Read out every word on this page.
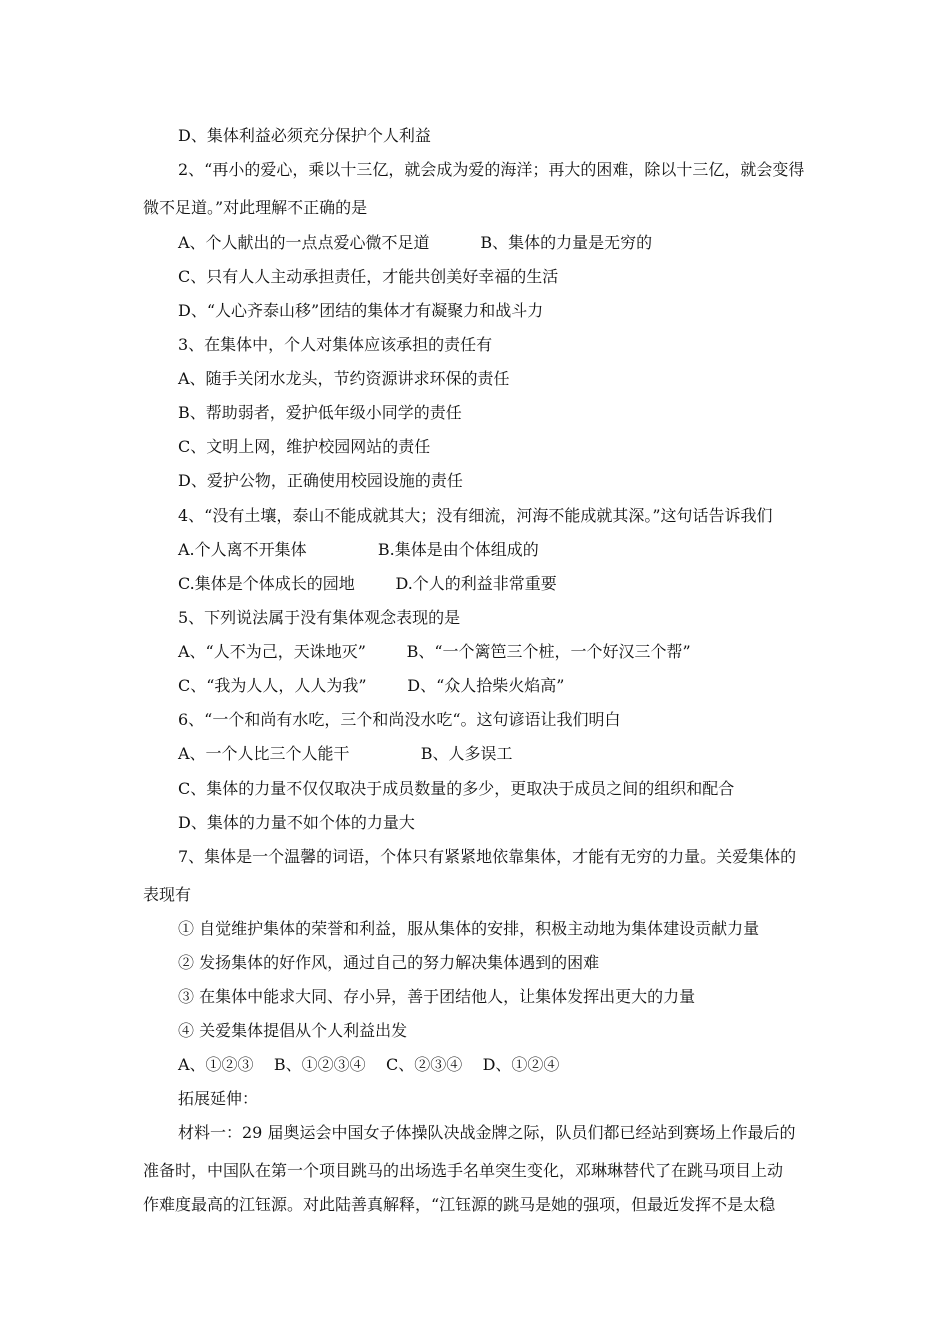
D、集体利益必须充分保护个人利益

2、“再小的爱心，乘以十三亿，就会成为爱的海洋；再大的困难，除以十三亿，就会变得

微不足道。”对此理解不正确的是

A、个人献出的一点点爱心微不足道          B、集体的力量是无穷的

C、只有人人主动承担责任，才能共创美好幸福的生活

D、“人心齐泰山移”团结的集体才有凝聚力和战斗力

3、在集体中，个人对集体应该承担的责任有

A、随手关闭水龙头，节约资源讲求环保的责任

B、帮助弱者，爱护低年级小同学的责任

C、文明上网，维护校园网站的责任

D、爱护公物，正确使用校园设施的责任

4、“没有土壤，泰山不能成就其大；没有细流，河海不能成就其深。”这句话告诉我们

A.个人离不开集体              B.集体是由个体组成的

C.集体是个体成长的园地        D.个人的利益非常重要

5、下列说法属于没有集体观念表现的是

A、“人不为己，天诛地灭”        B、“一个篱笆三个桩，一个好汉三个帮”

C、“我为人人，人人为我”        D、“众人拾柴火焰高”

6、“一个和尚有水吃，三个和尚没水吃“。这句谚语让我们明白

A、一个人比三个人能干              B、人多误工

C、集体的力量不仅仅取决于成员数量的多少，更取决于成员之间的组织和配合

D、集体的力量不如个体的力量大

7、集体是一个温馨的词语，个体只有紧紧地依靠集体，才能有无穷的力量。关爱集体的

表现有

① 自觉维护集体的荣誉和利益，服从集体的安排，积极主动地为集体建设贡献力量

② 发扬集体的好作风，通过自己的努力解决集体遇到的困难

③ 在集体中能求大同、存小异，善于团结他人，让集体发挥出更大的力量

④ 关爱集体提倡从个人利益出发

A、①②③    B、①②③④    C、②③④    D、①②④

拓展延伸：

材料一：29 届奥运会中国女子体操队决战金牌之际，队员们都已经站到赛场上作最后的

准备时，中国队在第一个项目跳马的出场选手名单突生变化，邓琳琳替代了在跳马项目上动

作难度最高的江钰源。对此陆善真解释，“江钰源的跳马是她的强项，但最近发挥不是太稳
